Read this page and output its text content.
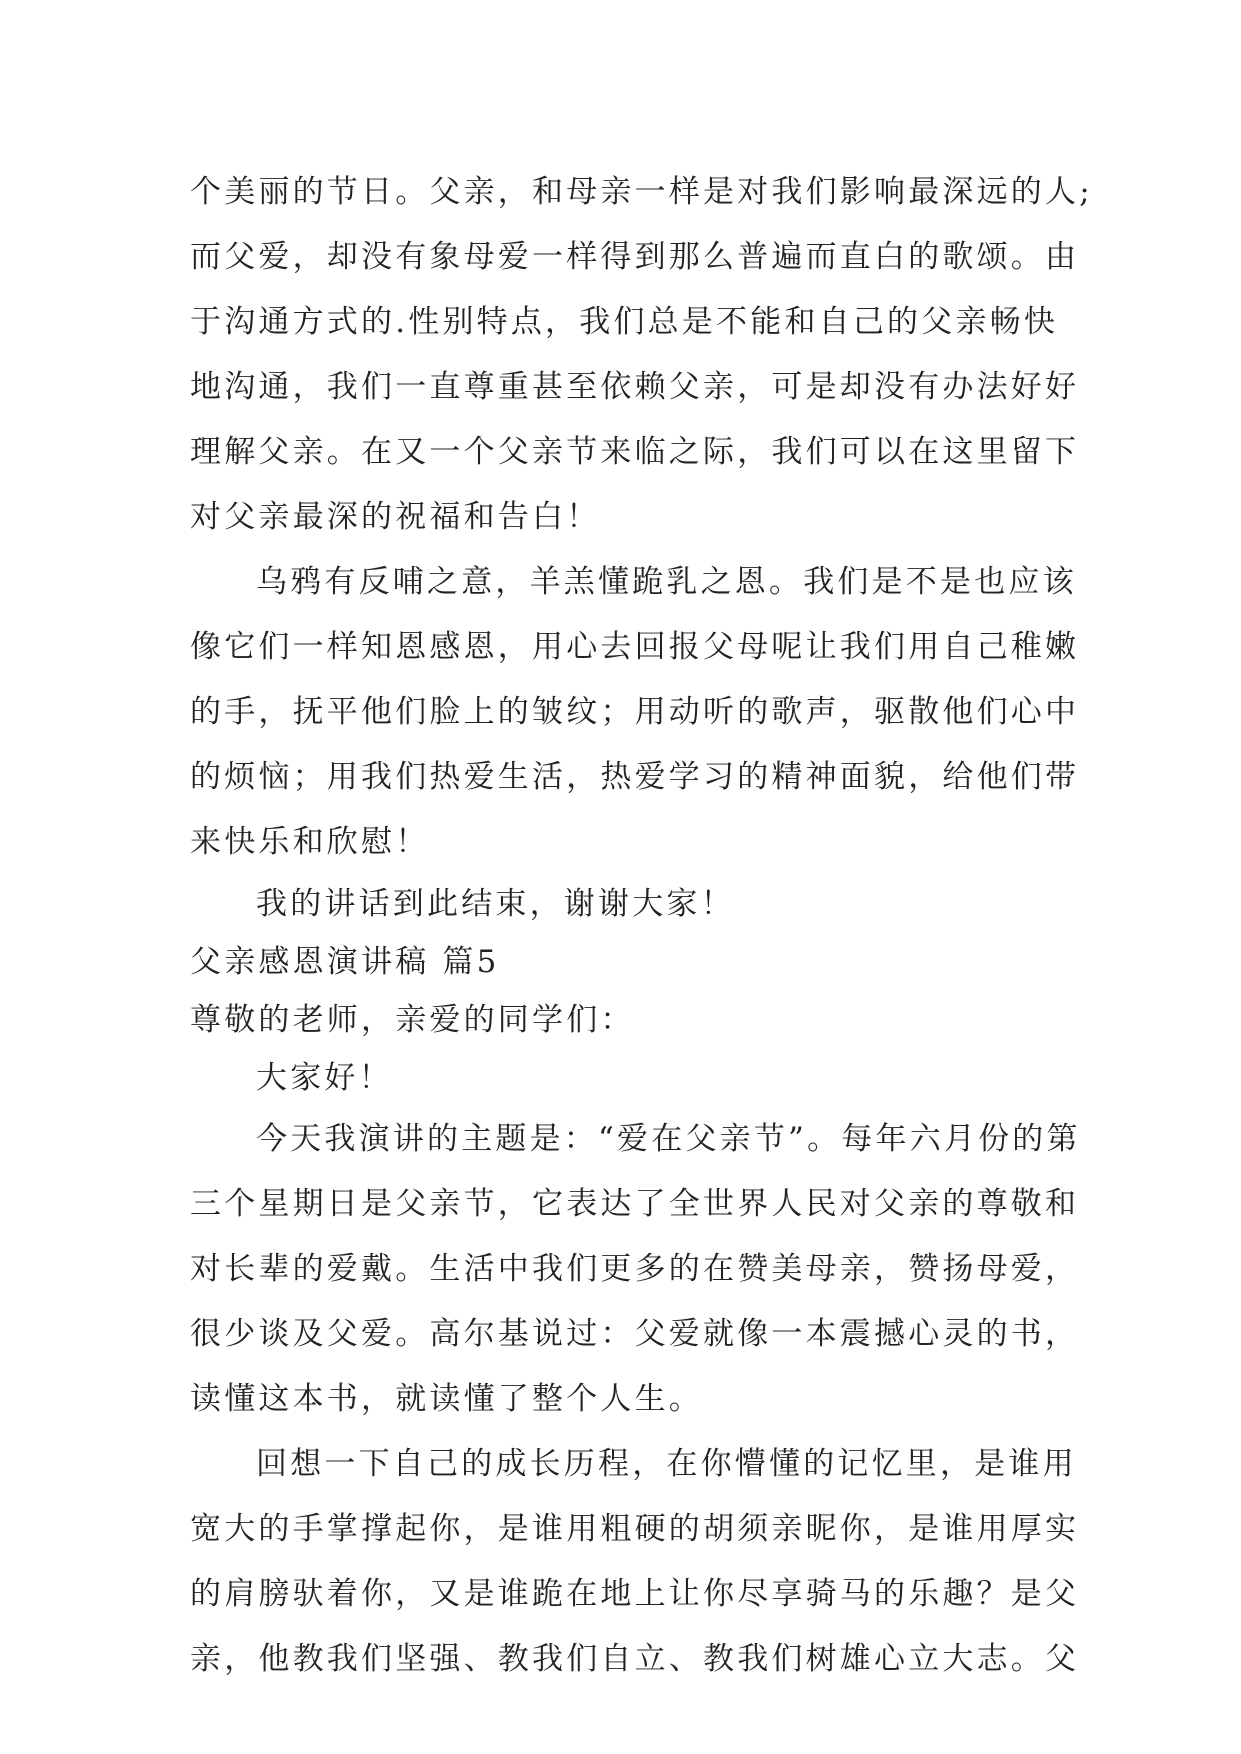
个美丽的节日。父亲，和母亲一样是对我们影响最深远的人;
而父爱，却没有象母爱一样得到那么普遍而直白的歌颂。由
于沟通方式的.性别特点，我们总是不能和自己的父亲畅快
地沟通，我们一直尊重甚至依赖父亲，可是却没有办法好好
理解父亲。在又一个父亲节来临之际，我们可以在这里留下
对父亲最深的祝福和告白！
乌鸦有反哺之意，羊羔懂跪乳之恩。我们是不是也应该
像它们一样知恩感恩，用心去回报父母呢让我们用自己稚嫩
的手，抚平他们脸上的皱纹；用动听的歌声，驱散他们心中
的烦恼；用我们热爱生活，热爱学习的精神面貌，给他们带
来快乐和欣慰！
我的讲话到此结束，谢谢大家！
父亲感恩演讲稿 篇5
尊敬的老师，亲爱的同学们：
大家好！
今天我演讲的主题是：“爱在父亲节”。每年六月份的第
三个星期日是父亲节，它表达了全世界人民对父亲的尊敬和
对长辈的爱戴。生活中我们更多的在赞美母亲，赞扬母爱，
很少谈及父爱。高尔基说过：父爱就像一本震撼心灵的书，
读懂这本书，就读懂了整个人生。
回想一下自己的成长历程，在你懵懂的记忆里，是谁用
宽大的手掌撑起你，是谁用粗硬的胡须亲昵你，是谁用厚实
的肩膀驮着你，又是谁跪在地上让你尽享骑马的乐趣？是父
亲，他教我们坚强、教我们自立、教我们树雄心立大志。父
